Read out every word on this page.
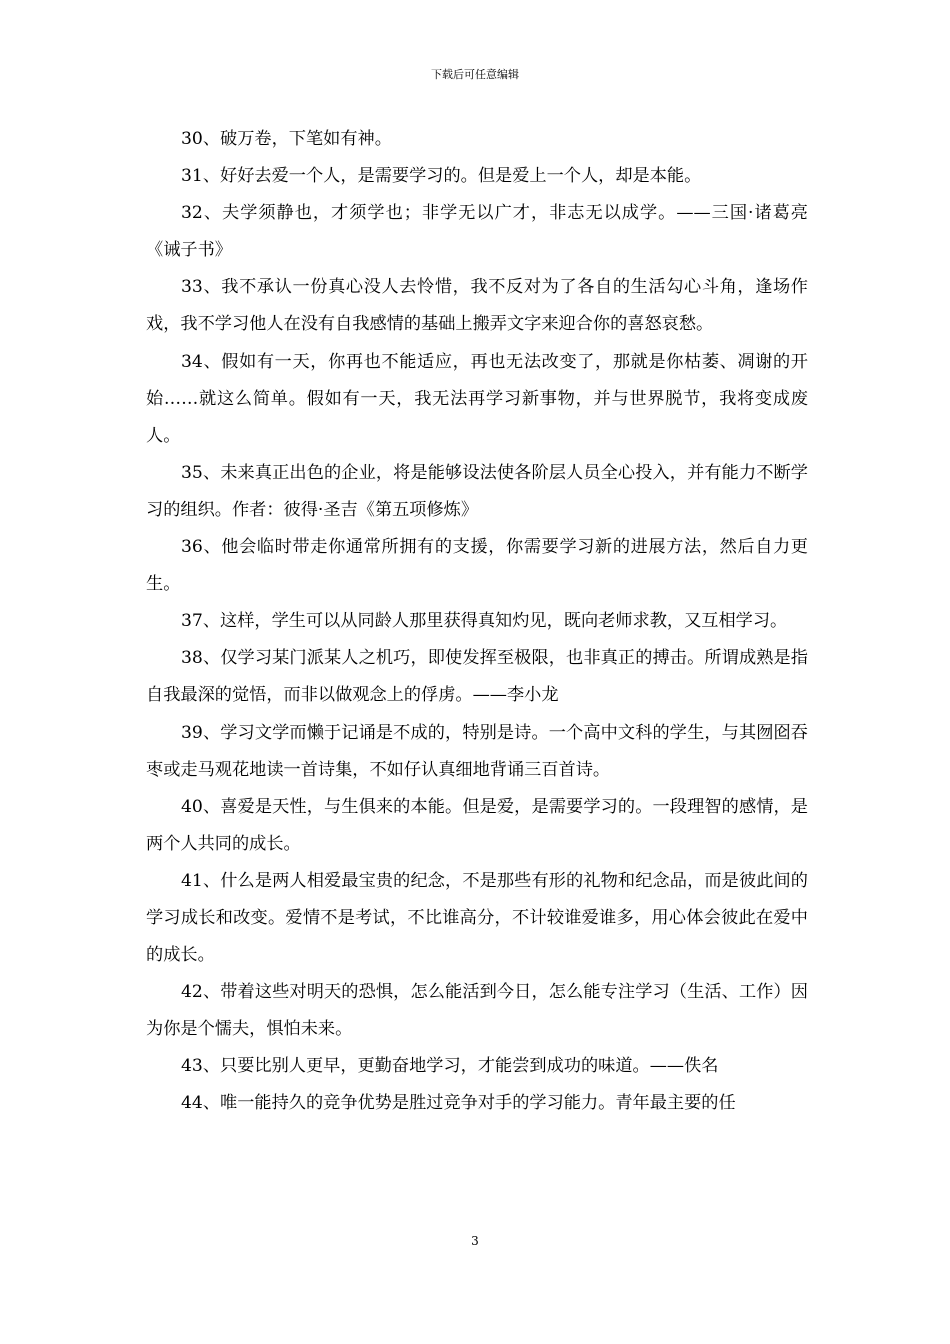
下载后可任意编辑

30、破万卷，下笔如有神。

31、好好去爱一个人，是需要学习的。但是爱上一个人，却是本能。

32、夫学须静也，才须学也；非学无以广才，非志无以成学。——三国·诸葛亮《诫子书》

33、我不承认一份真心没人去怜惜，我不反对为了各自的生活勾心斗角，逢场作戏，我不学习他人在没有自我感情的基础上搬弄文字来迎合你的喜怒哀愁。

34、假如有一天，你再也不能适应，再也无法改变了，那就是你枯萎、凋谢的开始……就这么简单。假如有一天，我无法再学习新事物，并与世界脱节，我将变成废人。

35、未来真正出色的企业，将是能够设法使各阶层人员全心投入，并有能力不断学习的组织。作者：彼得·圣吉《第五项修炼》

36、他会临时带走你通常所拥有的支援，你需要学习新的进展方法，然后自力更生。

37、这样，学生可以从同龄人那里获得真知灼见，既向老师求教，又互相学习。

38、仅学习某门派某人之机巧，即使发挥至极限，也非真正的搏击。所谓成熟是指自我最深的觉悟，而非以做观念上的俘虏。——李小龙

39、学习文学而懒于记诵是不成的，特别是诗。一个高中文科的学生，与其囫囵吞枣或走马观花地读一首诗集，不如仔认真细地背诵三百首诗。

40、喜爱是天性，与生俱来的本能。但是爱，是需要学习的。一段理智的感情，是两个人共同的成长。

41、什么是两人相爱最宝贵的纪念，不是那些有形的礼物和纪念品，而是彼此间的学习成长和改变。爱情不是考试，不比谁高分，不计较谁爱谁多，用心体会彼此在爱中的成长。

42、带着这些对明天的恐惧，怎么能活到今日，怎么能专注学习（生活、工作）因为你是个懦夫，惧怕未来。

43、只要比别人更早，更勤奋地学习，才能尝到成功的味道。——佚名

44、唯一能持久的竞争优势是胜过竞争对手的学习能力。青年最主要的任

3
